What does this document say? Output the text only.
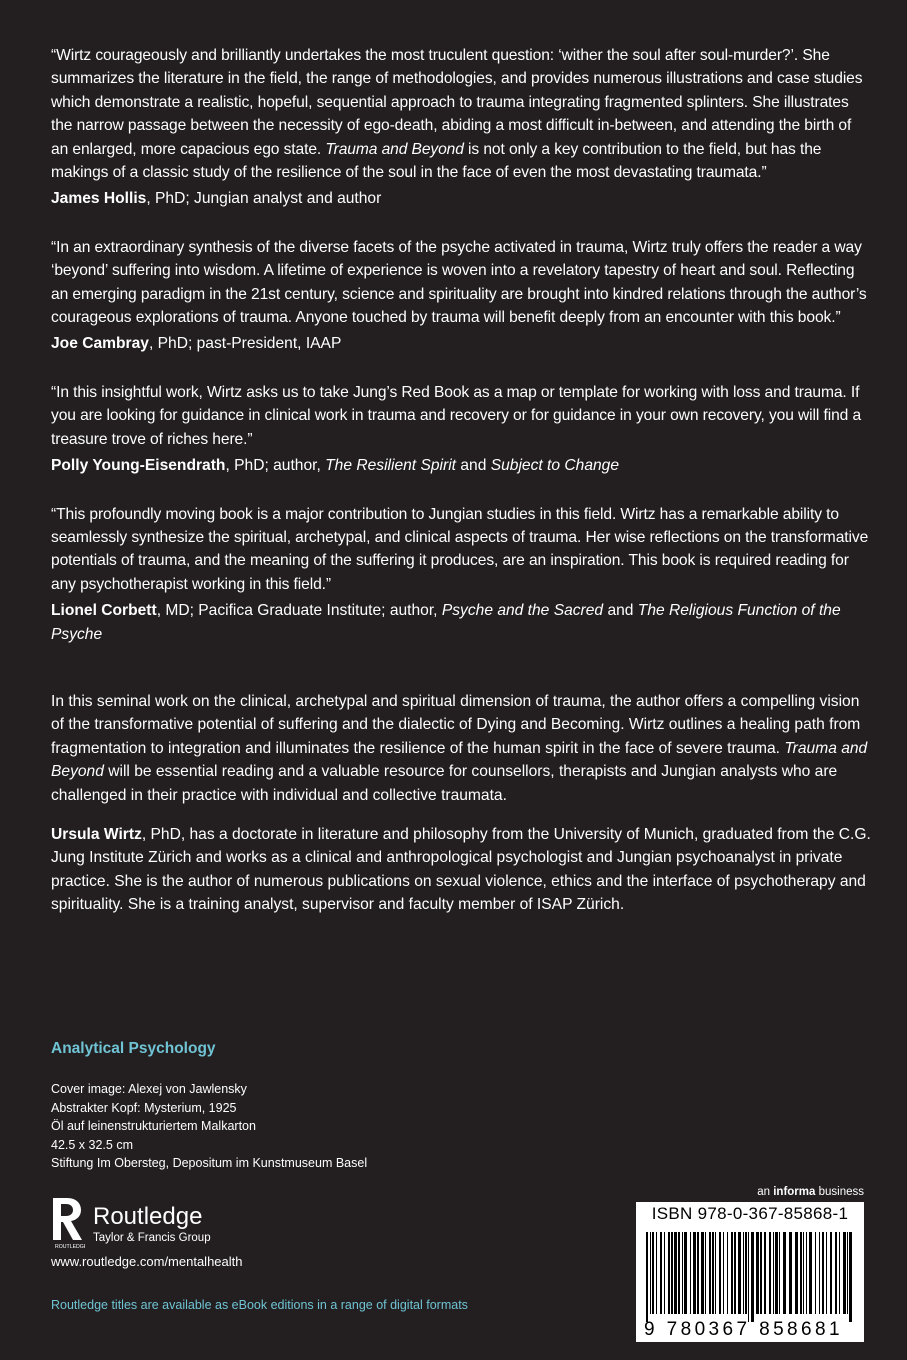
“Wirtz courageously and brilliantly undertakes the most truculent question: ‘wither the soul after soul-murder?’. She summarizes the literature in the field, the range of methodologies, and provides numerous illustrations and case studies which demonstrate a realistic, hopeful, sequential approach to trauma integrating fragmented splinters. She illustrates the narrow passage between the necessity of ego-death, abiding a most difficult in-between, and attending the birth of an enlarged, more capacious ego state. Trauma and Beyond is not only a key contribution to the field, but has the makings of a classic study of the resilience of the soul in the face of even the most devastating traumata.”

James Hollis, PhD; Jungian analyst and author

“In an extraordinary synthesis of the diverse facets of the psyche activated in trauma, Wirtz truly offers the reader a way ‘beyond’ suffering into wisdom. A lifetime of experience is woven into a revelatory tapestry of heart and soul. Reflecting an emerging paradigm in the 21st century, science and spirituality are brought into kindred relations through the author’s courageous explorations of trauma. Anyone touched by trauma will benefit deeply from an encounter with this book.”

Joe Cambray, PhD; past-President, IAAP

“In this insightful work, Wirtz asks us to take Jung’s Red Book as a map or template for working with loss and trauma. If you are looking for guidance in clinical work in trauma and recovery or for guidance in your own recovery, you will find a treasure trove of riches here.”

Polly Young-Eisendrath, PhD; author, The Resilient Spirit and Subject to Change

“This profoundly moving book is a major contribution to Jungian studies in this field. Wirtz has a remarkable ability to seamlessly synthesize the spiritual, archetypal, and clinical aspects of trauma. Her wise reflections on the transformative potentials of trauma, and the meaning of the suffering it produces, are an inspiration. This book is required reading for any psychotherapist working in this field.”

Lionel Corbett, MD; Pacifica Graduate Institute; author, Psyche and the Sacred and The Religious Function of the Psyche
In this seminal work on the clinical, archetypal and spiritual dimension of trauma, the author offers a compelling vision of the transformative potential of suffering and the dialectic of Dying and Becoming. Wirtz outlines a healing path from fragmentation to integration and illuminates the resilience of the human spirit in the face of severe trauma. Trauma and Beyond will be essential reading and a valuable resource for counsellors, therapists and Jungian analysts who are challenged in their practice with individual and collective traumata.
Ursula Wirtz, PhD, has a doctorate in literature and philosophy from the University of Munich, graduated from the C.G. Jung Institute Zürich and works as a clinical and anthropological psychologist and Jungian psychoanalyst in private practice. She is the author of numerous publications on sexual violence, ethics and the interface of psychotherapy and spirituality. She is a training analyst, supervisor and faculty member of ISAP Zürich.
Analytical Psychology
Cover image: Alexej von Jawlensky
Abstrakter Kopf: Mysterium, 1925
Öl auf leinenstrukturiertem Malkarton
42.5 x 32.5 cm
Stiftung Im Obersteg, Depositum im Kunstmuseum Basel
ROUTLEDGE
Routledge
Taylor & Francis Group
www.routledge.com/mentalhealth
Routledge titles are available as eBook editions in a range of digital formats
an informa business
ISBN 978-0-367-85868-1
9 780367 858681
